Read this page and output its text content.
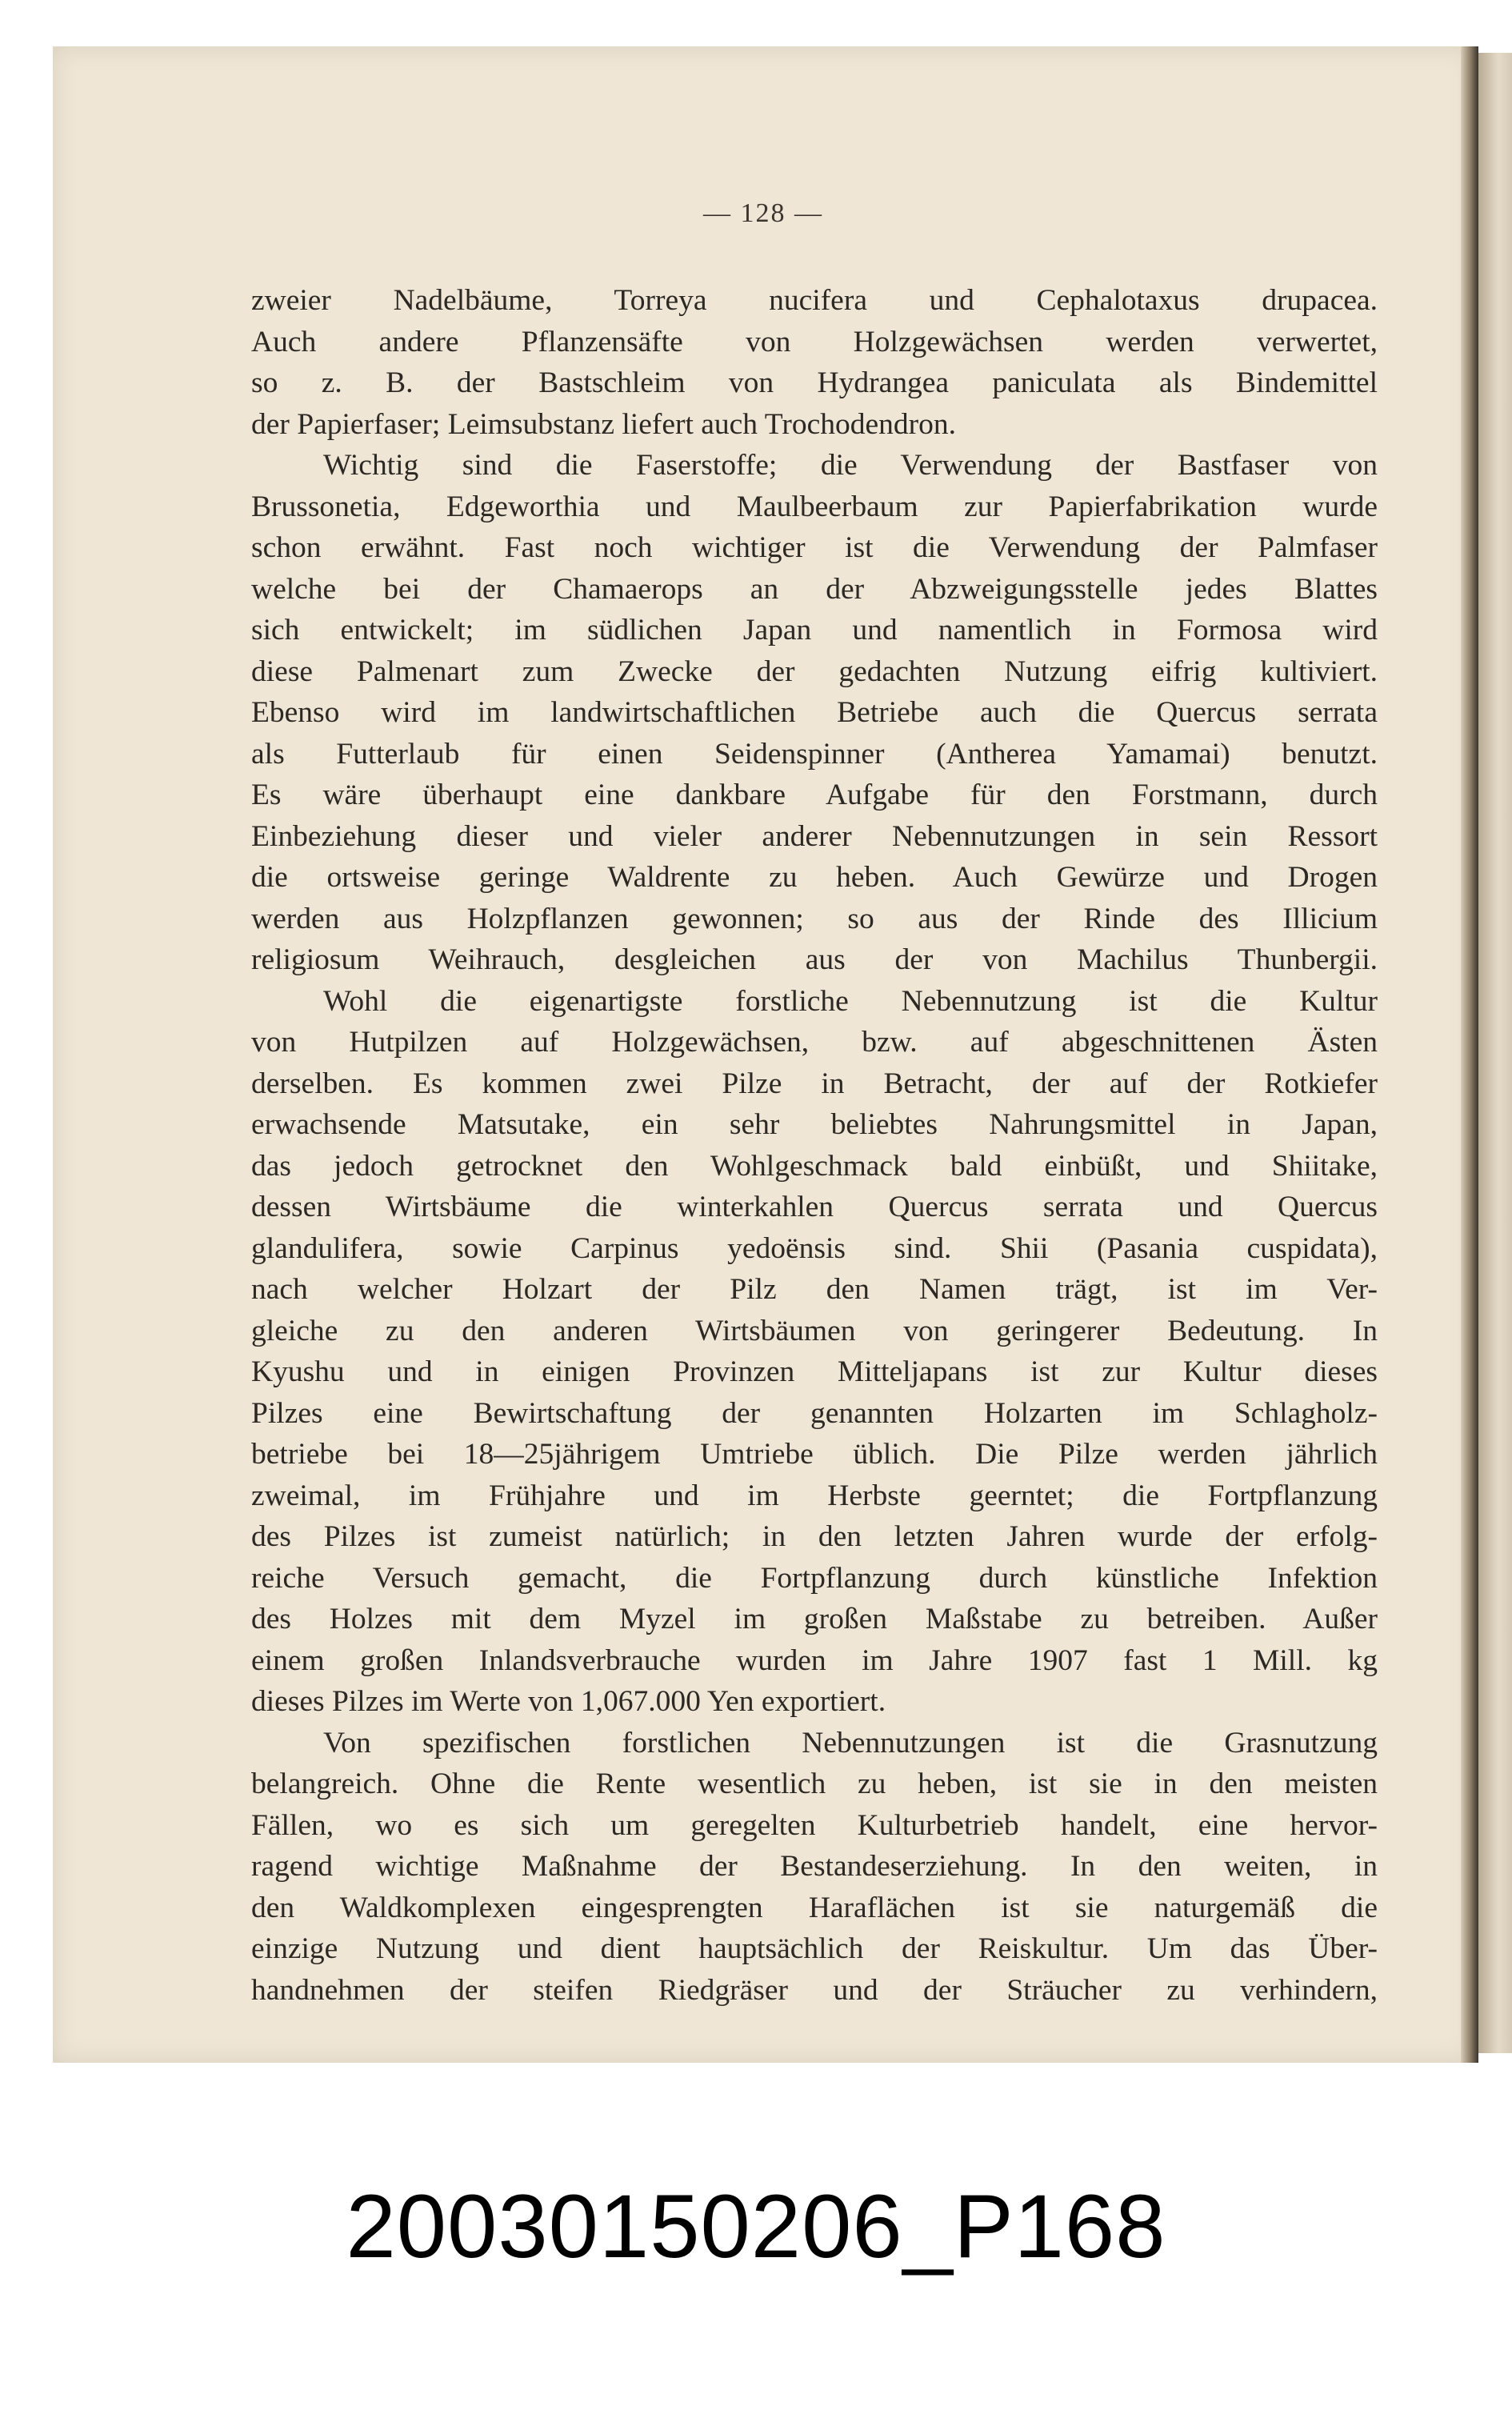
— 128 —
zweier Nadelbäume, Torreya nucifera und Cephalotaxus drupacea.
Auch andere Pflanzensäfte von Holzgewächsen werden verwertet,
so z. B. der Bastschleim von Hydrangea paniculata als Bindemittel
der Papierfaser; Leimsubstanz liefert auch Trochodendron.
Wichtig sind die Faserstoffe; die Verwendung der Bastfaser von
Brussonetia, Edgeworthia und Maulbeerbaum zur Papierfabrikation wurde
schon erwähnt. Fast noch wichtiger ist die Verwendung der Palmfaser
welche bei der Chamaerops an der Abzweigungsstelle jedes Blattes
sich entwickelt; im südlichen Japan und namentlich in Formosa wird
diese Palmenart zum Zwecke der gedachten Nutzung eifrig kultiviert.
Ebenso wird im landwirtschaftlichen Betriebe auch die Quercus serrata
als Futterlaub für einen Seidenspinner (Antherea Yamamai) benutzt.
Es wäre überhaupt eine dankbare Aufgabe für den Forstmann, durch
Einbeziehung dieser und vieler anderer Nebennutzungen in sein Ressort
die ortsweise geringe Waldrente zu heben. Auch Gewürze und Drogen
werden aus Holzpflanzen gewonnen; so aus der Rinde des Illicium
religiosum Weihrauch, desgleichen aus der von Machilus Thunbergii.
Wohl die eigenartigste forstliche Nebennutzung ist die Kultur
von Hutpilzen auf Holzgewächsen, bzw. auf abgeschnittenen Ästen
derselben. Es kommen zwei Pilze in Betracht, der auf der Rotkiefer
erwachsende Matsutake, ein sehr beliebtes Nahrungsmittel in Japan,
das jedoch getrocknet den Wohlgeschmack bald einbüßt, und Shiitake,
dessen Wirtsbäume die winterkahlen Quercus serrata und Quercus
glandulifera, sowie Carpinus yedoënsis sind. Shii (Pasania cuspidata),
nach welcher Holzart der Pilz den Namen trägt, ist im Ver-
gleiche zu den anderen Wirtsbäumen von geringerer Bedeutung. In
Kyushu und in einigen Provinzen Mitteljapans ist zur Kultur dieses
Pilzes eine Bewirtschaftung der genannten Holzarten im Schlagholz-
betriebe bei 18—25jährigem Umtriebe üblich. Die Pilze werden jährlich
zweimal, im Frühjahre und im Herbste geerntet; die Fortpflanzung
des Pilzes ist zumeist natürlich; in den letzten Jahren wurde der erfolg-
reiche Versuch gemacht, die Fortpflanzung durch künstliche Infektion
des Holzes mit dem Myzel im großen Maßstabe zu betreiben. Außer
einem großen Inlandsverbrauche wurden im Jahre 1907 fast 1 Mill. kg
dieses Pilzes im Werte von 1,067.000 Yen exportiert.
Von spezifischen forstlichen Nebennutzungen ist die Grasnutzung
belangreich. Ohne die Rente wesentlich zu heben, ist sie in den meisten
Fällen, wo es sich um geregelten Kulturbetrieb handelt, eine hervor-
ragend wichtige Maßnahme der Bestandeserziehung. In den weiten, in
den Waldkomplexen eingesprengten Haraflächen ist sie naturgemäß die
einzige Nutzung und dient hauptsächlich der Reiskultur. Um das Über-
handnehmen der steifen Riedgräser und der Sträucher zu verhindern,
20030150206_P168
